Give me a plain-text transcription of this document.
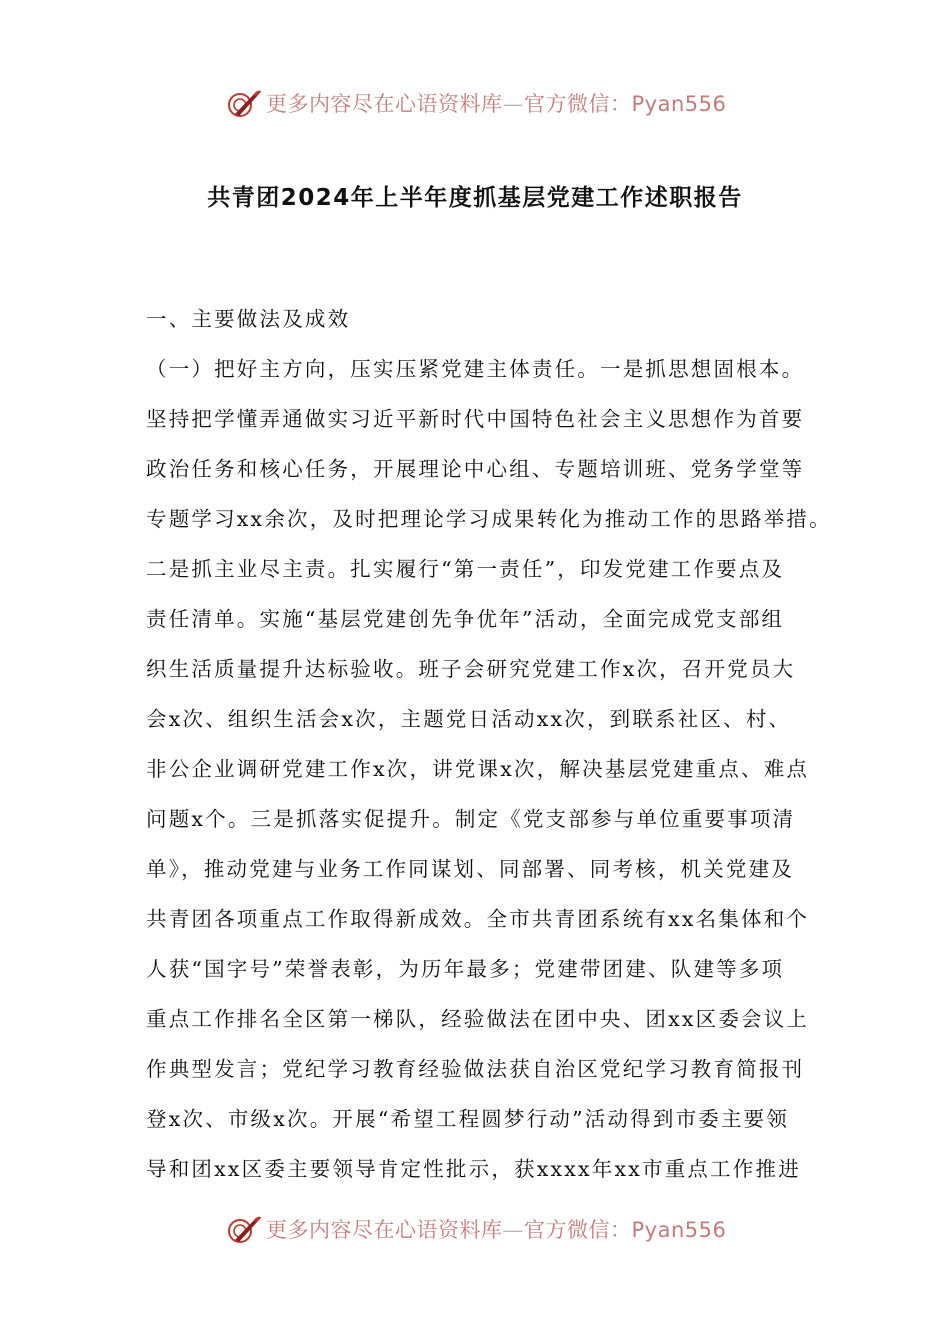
更多内容尽在心语资料库—官方微信：Pyan556
共青团2024年上半年度抓基层党建工作述职报告
一、主要做法及成效
（一）把好主方向，压实压紧党建主体责任。一是抓思想固根本。
坚持把学懂弄通做实习近平新时代中国特色社会主义思想作为首要
政治任务和核心任务，开展理论中心组、专题培训班、党务学堂等
专题学习xx余次，及时把理论学习成果转化为推动工作的思路举措。
二是抓主业尽主责。扎实履行“第一责任”，印发党建工作要点及
责任清单。实施“基层党建创先争优年”活动，全面完成党支部组
织生活质量提升达标验收。班子会研究党建工作x次，召开党员大
会x次、组织生活会x次，主题党日活动xx次，到联系社区、村、
非公企业调研党建工作x次，讲党课x次，解决基层党建重点、难点
问题x个。三是抓落实促提升。制定《党支部参与单位重要事项清
单》，推动党建与业务工作同谋划、同部署、同考核，机关党建及
共青团各项重点工作取得新成效。全市共青团系统有xx名集体和个
人获“国字号”荣誉表彰，为历年最多；党建带团建、队建等多项
重点工作排名全区第一梯队，经验做法在团中央、团xx区委会议上
作典型发言；党纪学习教育经验做法获自治区党纪学习教育简报刊
登x次、市级x次。开展“希望工程圆梦行动”活动得到市委主要领
导和团xx区委主要领导肯定性批示，获xxxx年xx市重点工作推进
更多内容尽在心语资料库—官方微信：Pyan556
